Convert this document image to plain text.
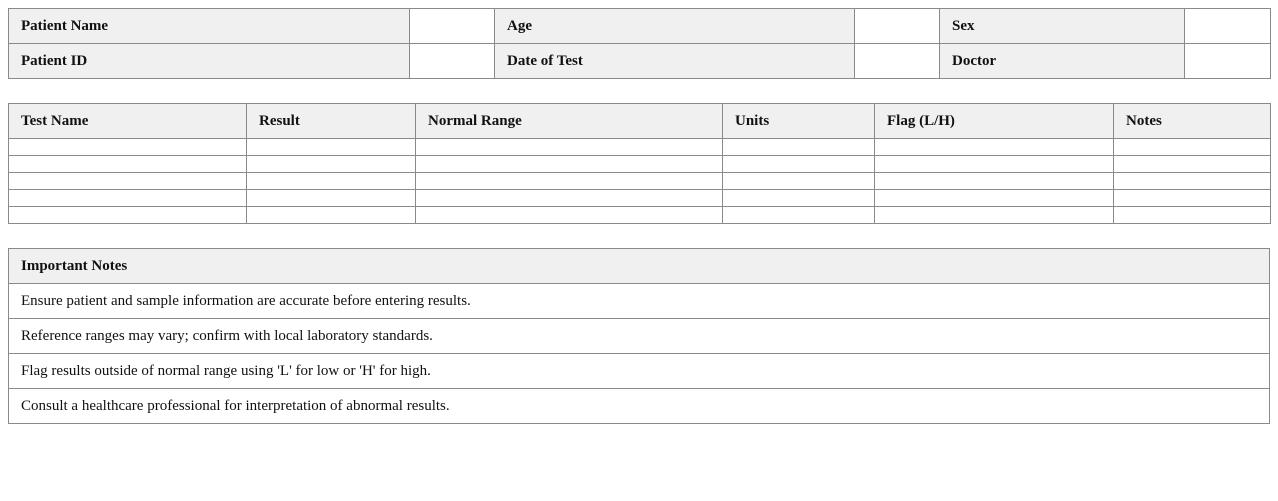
Patient Name		Age		Sex	
Patient ID		Date of Test		Doctor	
Test Name	Result	Normal Range	Units	Flag (L/H)	Notes

Important Notes
Ensure patient and sample information are accurate before entering results.
Reference ranges may vary; confirm with local laboratory standards.
Flag results outside of normal range using 'L' for low or 'H' for high.
Consult a healthcare professional for interpretation of abnormal results.
